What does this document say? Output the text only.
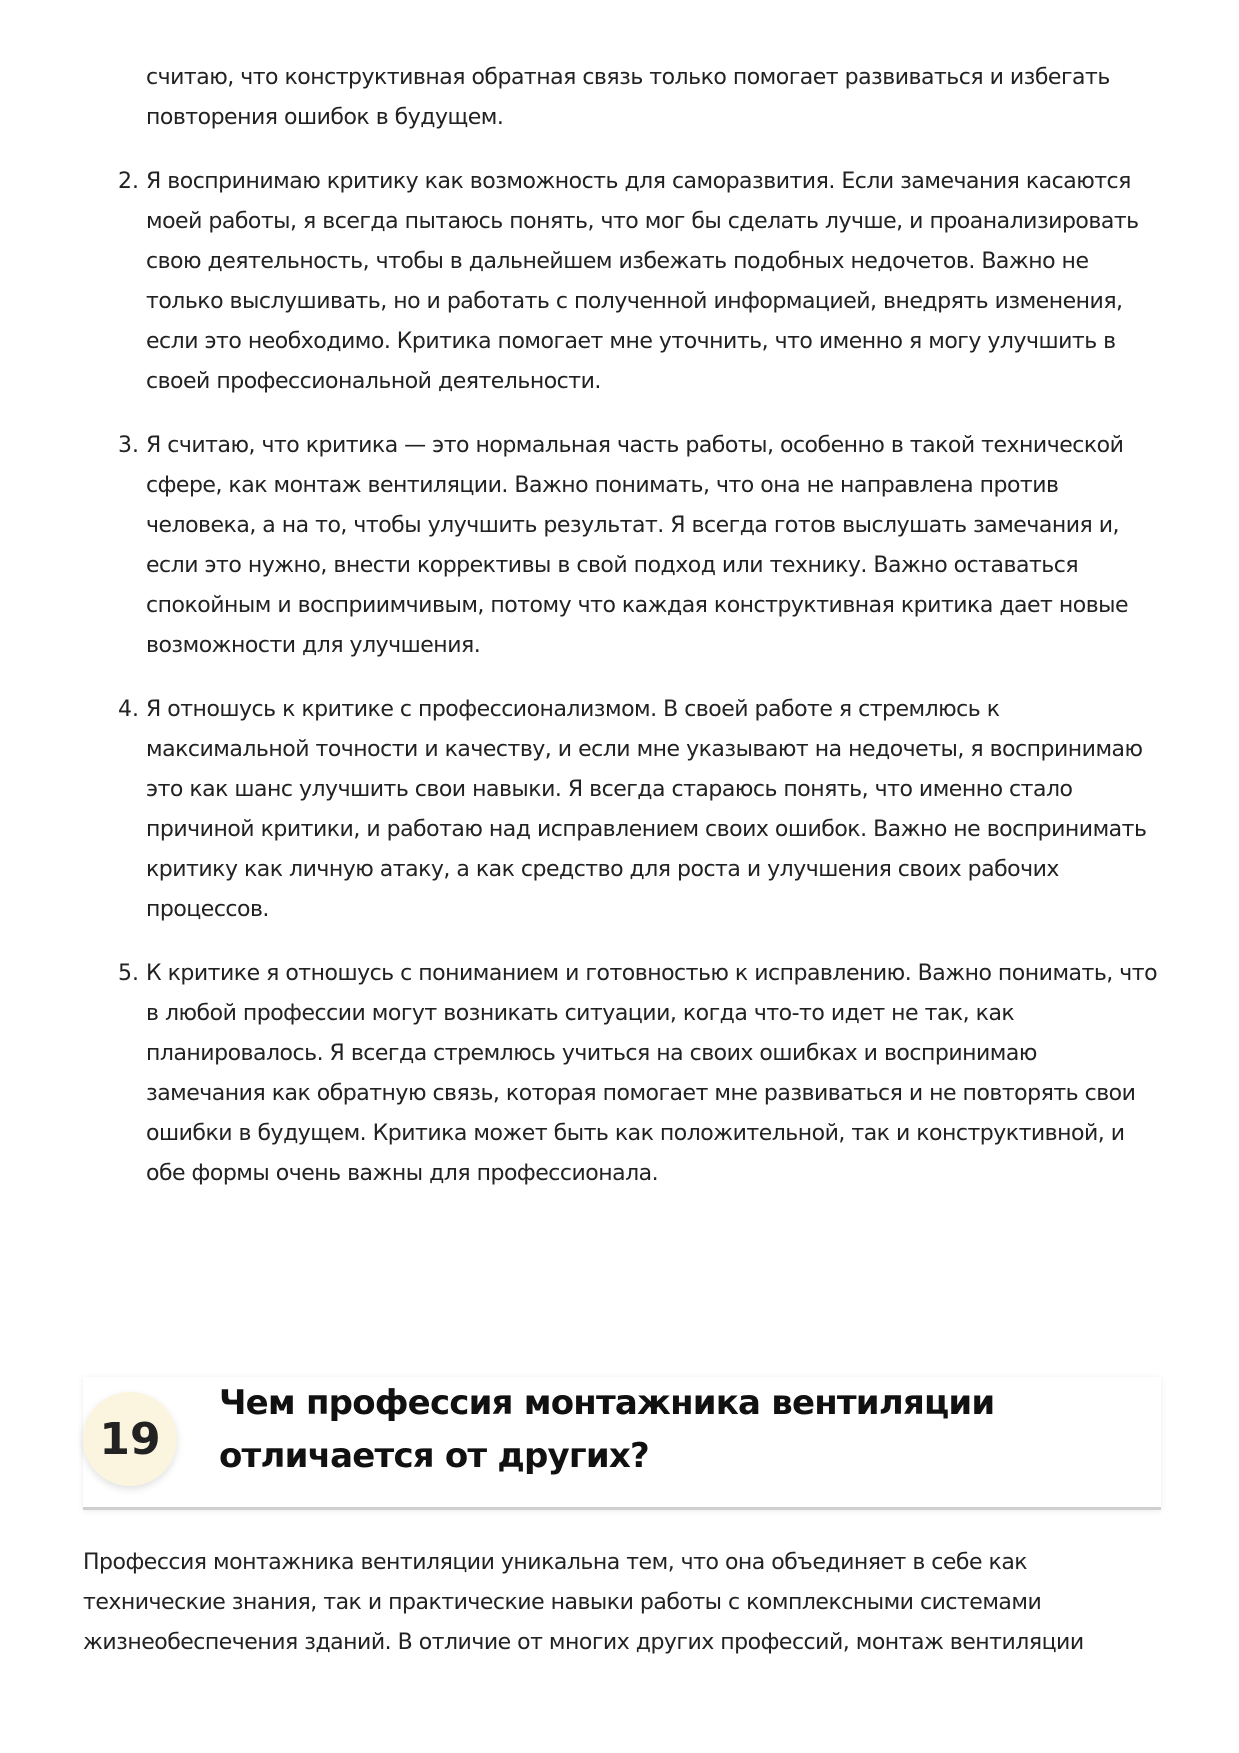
считаю, что конструктивная обратная связь только помогает развиваться и избегать повторения ошибок в будущем.

2. Я воспринимаю критику как возможность для саморазвития. Если замечания касаются моей работы, я всегда пытаюсь понять, что мог бы сделать лучше, и проанализировать свою деятельность, чтобы в дальнейшем избежать подобных недочетов. Важно не только выслушивать, но и работать с полученной информацией, внедрять изменения, если это необходимо. Критика помогает мне уточнить, что именно я могу улучшить в своей профессиональной деятельности.

3. Я считаю, что критика — это нормальная часть работы, особенно в такой технической сфере, как монтаж вентиляции. Важно понимать, что она не направлена против человека, а на то, чтобы улучшить результат. Я всегда готов выслушать замечания и, если это нужно, внести коррективы в свой подход или технику. Важно оставаться спокойным и восприимчивым, потому что каждая конструктивная критика дает новые возможности для улучшения.

4. Я отношусь к критике с профессионализмом. В своей работе я стремлюсь к максимальной точности и качеству, и если мне указывают на недочеты, я воспринимаю это как шанс улучшить свои навыки. Я всегда стараюсь понять, что именно стало причиной критики, и работаю над исправлением своих ошибок. Важно не воспринимать критику как личную атаку, а как средство для роста и улучшения своих рабочих процессов.

5. К критике я отношусь с пониманием и готовностью к исправлению. Важно понимать, что в любой профессии могут возникать ситуации, когда что-то идет не так, как планировалось. Я всегда стремлюсь учиться на своих ошибках и воспринимаю замечания как обратную связь, которая помогает мне развиваться и не повторять свои ошибки в будущем. Критика может быть как положительной, так и конструктивной, и обе формы очень важны для профессионала.

19
Чем профессия монтажника вентиляции отличается от других?

Профессия монтажника вентиляции уникальна тем, что она объединяет в себе как технические знания, так и практические навыки работы с комплексными системами жизнеобеспечения зданий. В отличие от многих других профессий, монтаж вентиляции
